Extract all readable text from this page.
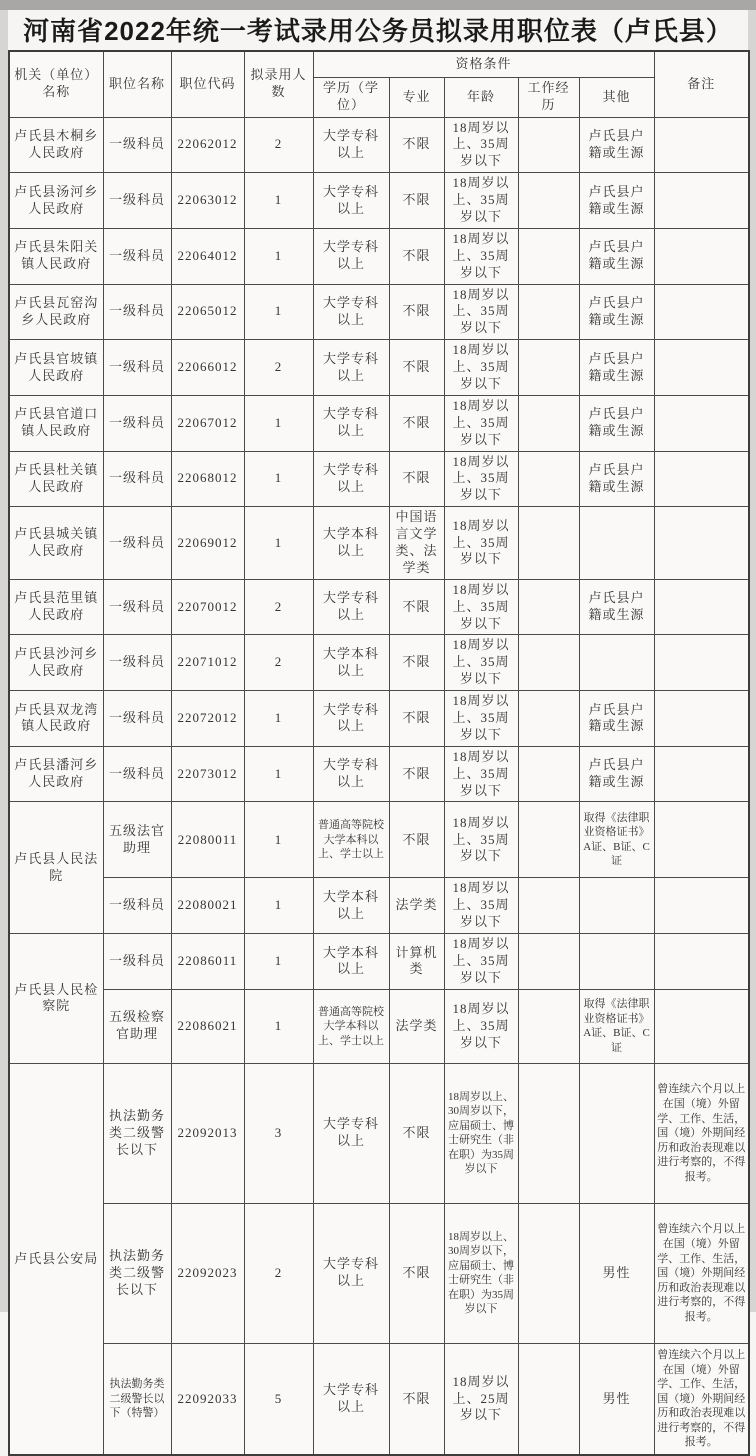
河南省2022年统一考试录用公务员拟录用职位表（卢氏县）
机关（单位）名称	职位名称	职位代码	拟录用人数	资格条件					备注
				学历（学位）	专业	年龄	工作经历	其他	
卢氏县木桐乡人民政府	一级科员	22062012	2	大学专科以上	不限	18周岁以上、35周岁以下		卢氏县户籍或生源	
卢氏县汤河乡人民政府	一级科员	22063012	1	大学专科以上	不限	18周岁以上、35周岁以下		卢氏县户籍或生源	
卢氏县朱阳关镇人民政府	一级科员	22064012	1	大学专科以上	不限	18周岁以上、35周岁以下		卢氏县户籍或生源	
卢氏县瓦窑沟乡人民政府	一级科员	22065012	1	大学专科以上	不限	18周岁以上、35周岁以下		卢氏县户籍或生源	
卢氏县官坡镇人民政府	一级科员	22066012	2	大学专科以上	不限	18周岁以上、35周岁以下		卢氏县户籍或生源	
卢氏县官道口镇人民政府	一级科员	22067012	1	大学专科以上	不限	18周岁以上、35周岁以下		卢氏县户籍或生源	
卢氏县杜关镇人民政府	一级科员	22068012	1	大学专科以上	不限	18周岁以上、35周岁以下		卢氏县户籍或生源	
卢氏县城关镇人民政府	一级科员	22069012	1	大学本科以上	中国语言文学类、法学类	18周岁以上、35周岁以下			
卢氏县范里镇人民政府	一级科员	22070012	2	大学专科以上	不限	18周岁以上、35周岁以下		卢氏县户籍或生源	
卢氏县沙河乡人民政府	一级科员	22071012	2	大学本科以上	不限	18周岁以上、35周岁以下			
卢氏县双龙湾镇人民政府	一级科员	22072012	1	大学专科以上	不限	18周岁以上、35周岁以下		卢氏县户籍或生源	
卢氏县潘河乡人民政府	一级科员	22073012	1	大学专科以上	不限	18周岁以上、35周岁以下		卢氏县户籍或生源	
卢氏县人民法院	五级法官助理	22080011	1	普通高等院校大学本科以上、学士以上	不限	18周岁以上、35周岁以下		取得《法律职业资格证书》A证、B证、C证	
	一级科员	22080021	1	大学本科以上	法学类	18周岁以上、35周岁以下			
卢氏县人民检察院	一级科员	22086011	1	大学本科以上	计算机类	18周岁以上、35周岁以下			
	五级检察官助理	22086021	1	普通高等院校大学本科以上、学士以上	法学类	18周岁以上、35周岁以下		取得《法律职业资格证书》A证、B证、C证	
卢氏县公安局	执法勤务类二级警长以下	22092013	3	大学专科以上	不限	18周岁以上、30周岁以下，应届硕士、博士研究生（非在职）为35周岁以下			曾连续六个月以上在国（境）外留学、工作、生活，国（境）外期间经历和政治表现难以进行考察的，不得报考。
	执法勤务类二级警长以下	22092023	2	大学专科以上	不限	18周岁以上、30周岁以下，应届硕士、博士研究生（非在职）为35周岁以下		男性	曾连续六个月以上在国（境）外留学、工作、生活，国（境）外期间经历和政治表现难以进行考察的，不得报考。
	执法勤务类二级警长以下（特警）	22092033	5	大学专科以上	不限	18周岁以上、25周岁以下		男性	曾连续六个月以上在国（境）外留学、工作、生活，国（境）外期间经历和政治表现难以进行考察的，不得报考。
